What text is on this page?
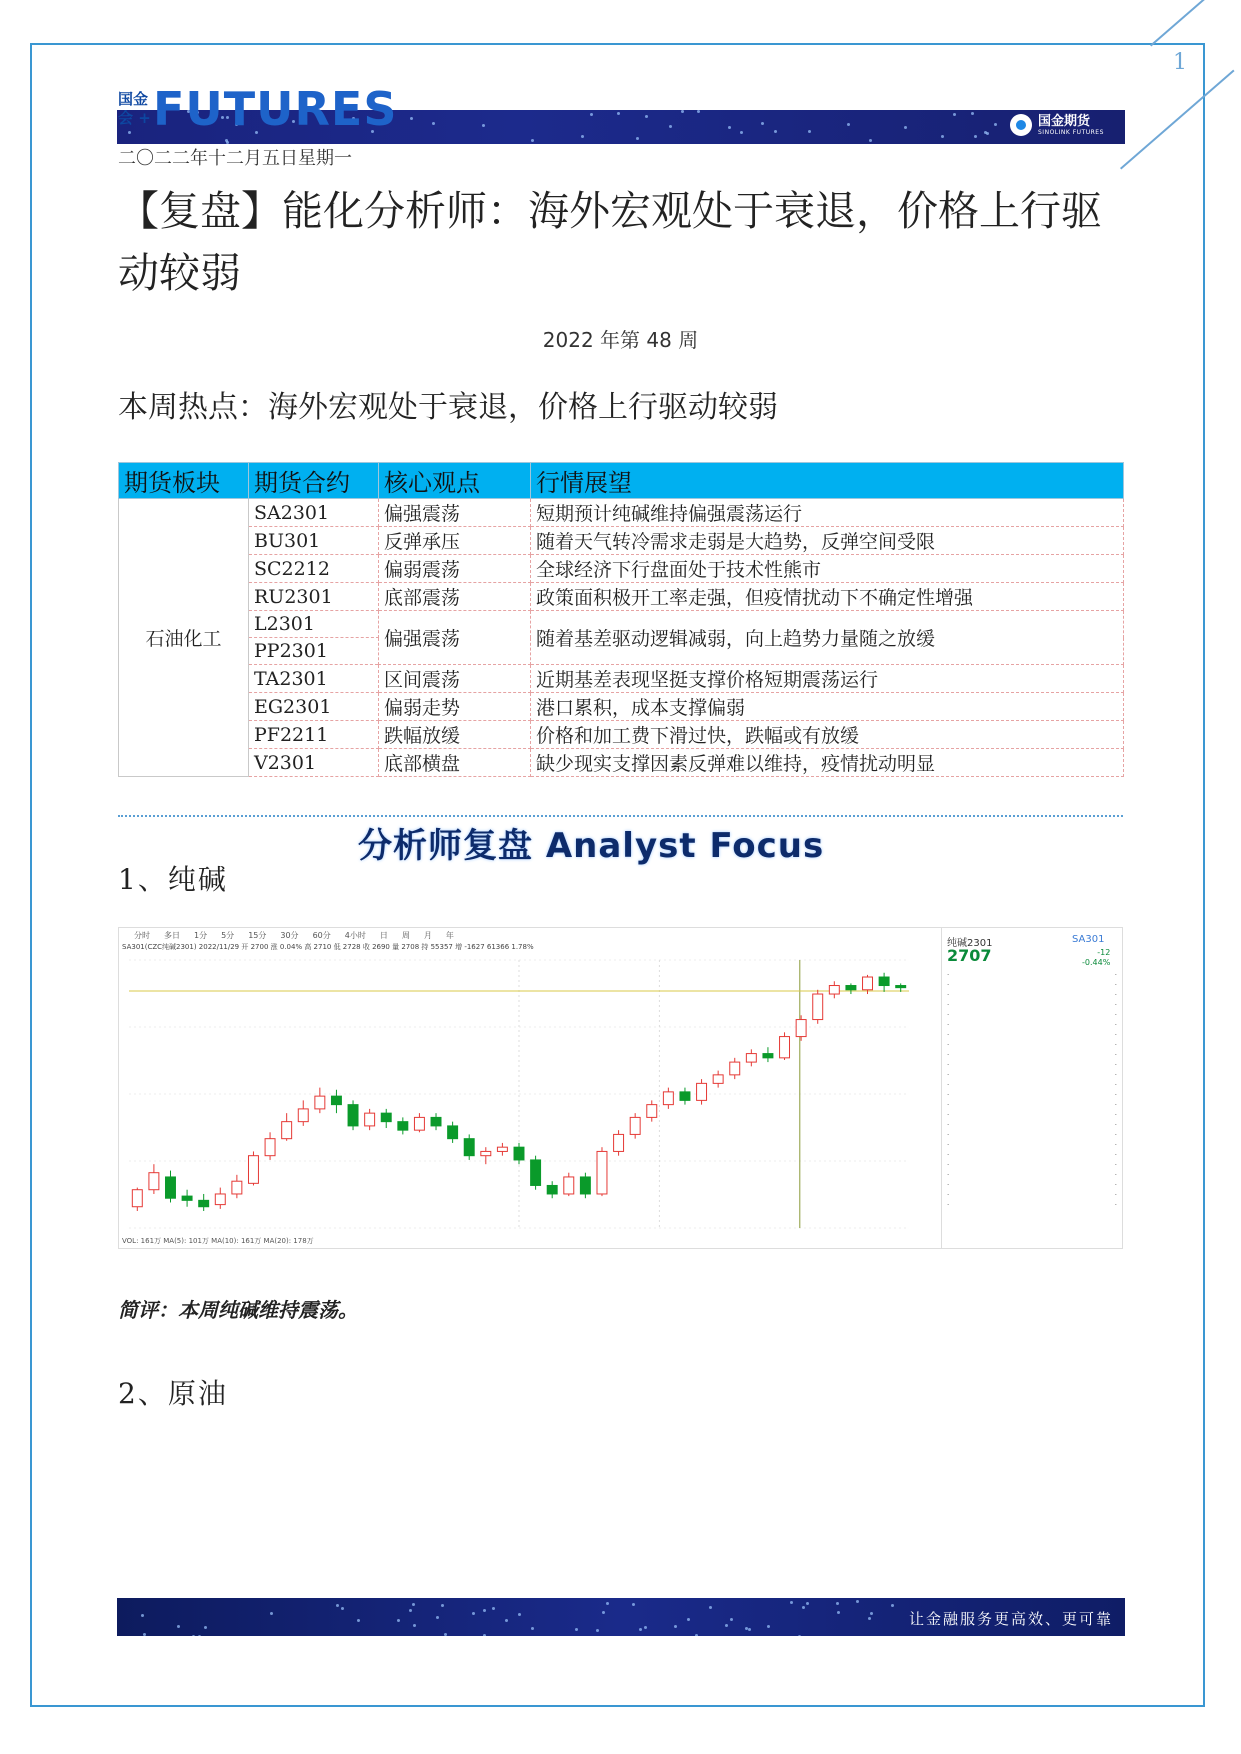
1
国金
会 + FUTURES	国金期货
SINOLINK FUTURES
二〇二二年十二月五日星期一
【复盘】能化分析师：海外宏观处于衰退，价格上行驱动较弱
2022 年第 48 周
本周热点：海外宏观处于衰退，价格上行驱动较弱
期货板块	期货合约	核心观点	行情展望
石油化工	SA2301	偏强震荡	短期预计纯碱维持偏强震荡运行
BU301	反弹承压	随着天气转冷需求走弱是大趋势，反弹空间受限
SC2212	偏弱震荡	全球经济下行盘面处于技术性熊市
RU2301	底部震荡	政策面积极开工率走强，但疫情扰动下不确定性增强
L2301	偏强震荡	随着基差驱动逻辑减弱，向上趋势力量随之放缓
PP2301
TA2301	区间震荡	近期基差表现坚挺支撑价格短期震荡运行
EG2301	偏弱走势	港口累积，成本支撑偏弱
PF2211	跌幅放缓	价格和加工费下滑过快，跌幅或有放缓
V2301	底部横盘	缺少现实支撑因素反弹难以维持，疫情扰动明显
分析师复盘 Analyst Focus
1、纯碱
分时 多日 1分 5分 15分 30分 60分 4小时 日 周 月 年
SA301(CZC纯碱2301) 2022/11/29 开 2700 涨 0.04% 高 2710 低 2728 收 2690 量 2708 持 55357 增 -1627 61366 1.78%
VOL: 161万 MA(5): 101万 MA(10): 161万 MA(20): 178万
纯碱2301	SA301
2707	-12
-0.44%
·	·
·	·
·	·
·	·
·	·
·	·
·	·
·	·
·	·
·	·
·	·
·	·
·	·
·	·
·	·
·	·
·	·
·	·
·	·
·	·
·	·
·	·
·	·
·	·
简评：本周纯碱维持震荡。
2、原油
让金融服务更高效、更可靠
